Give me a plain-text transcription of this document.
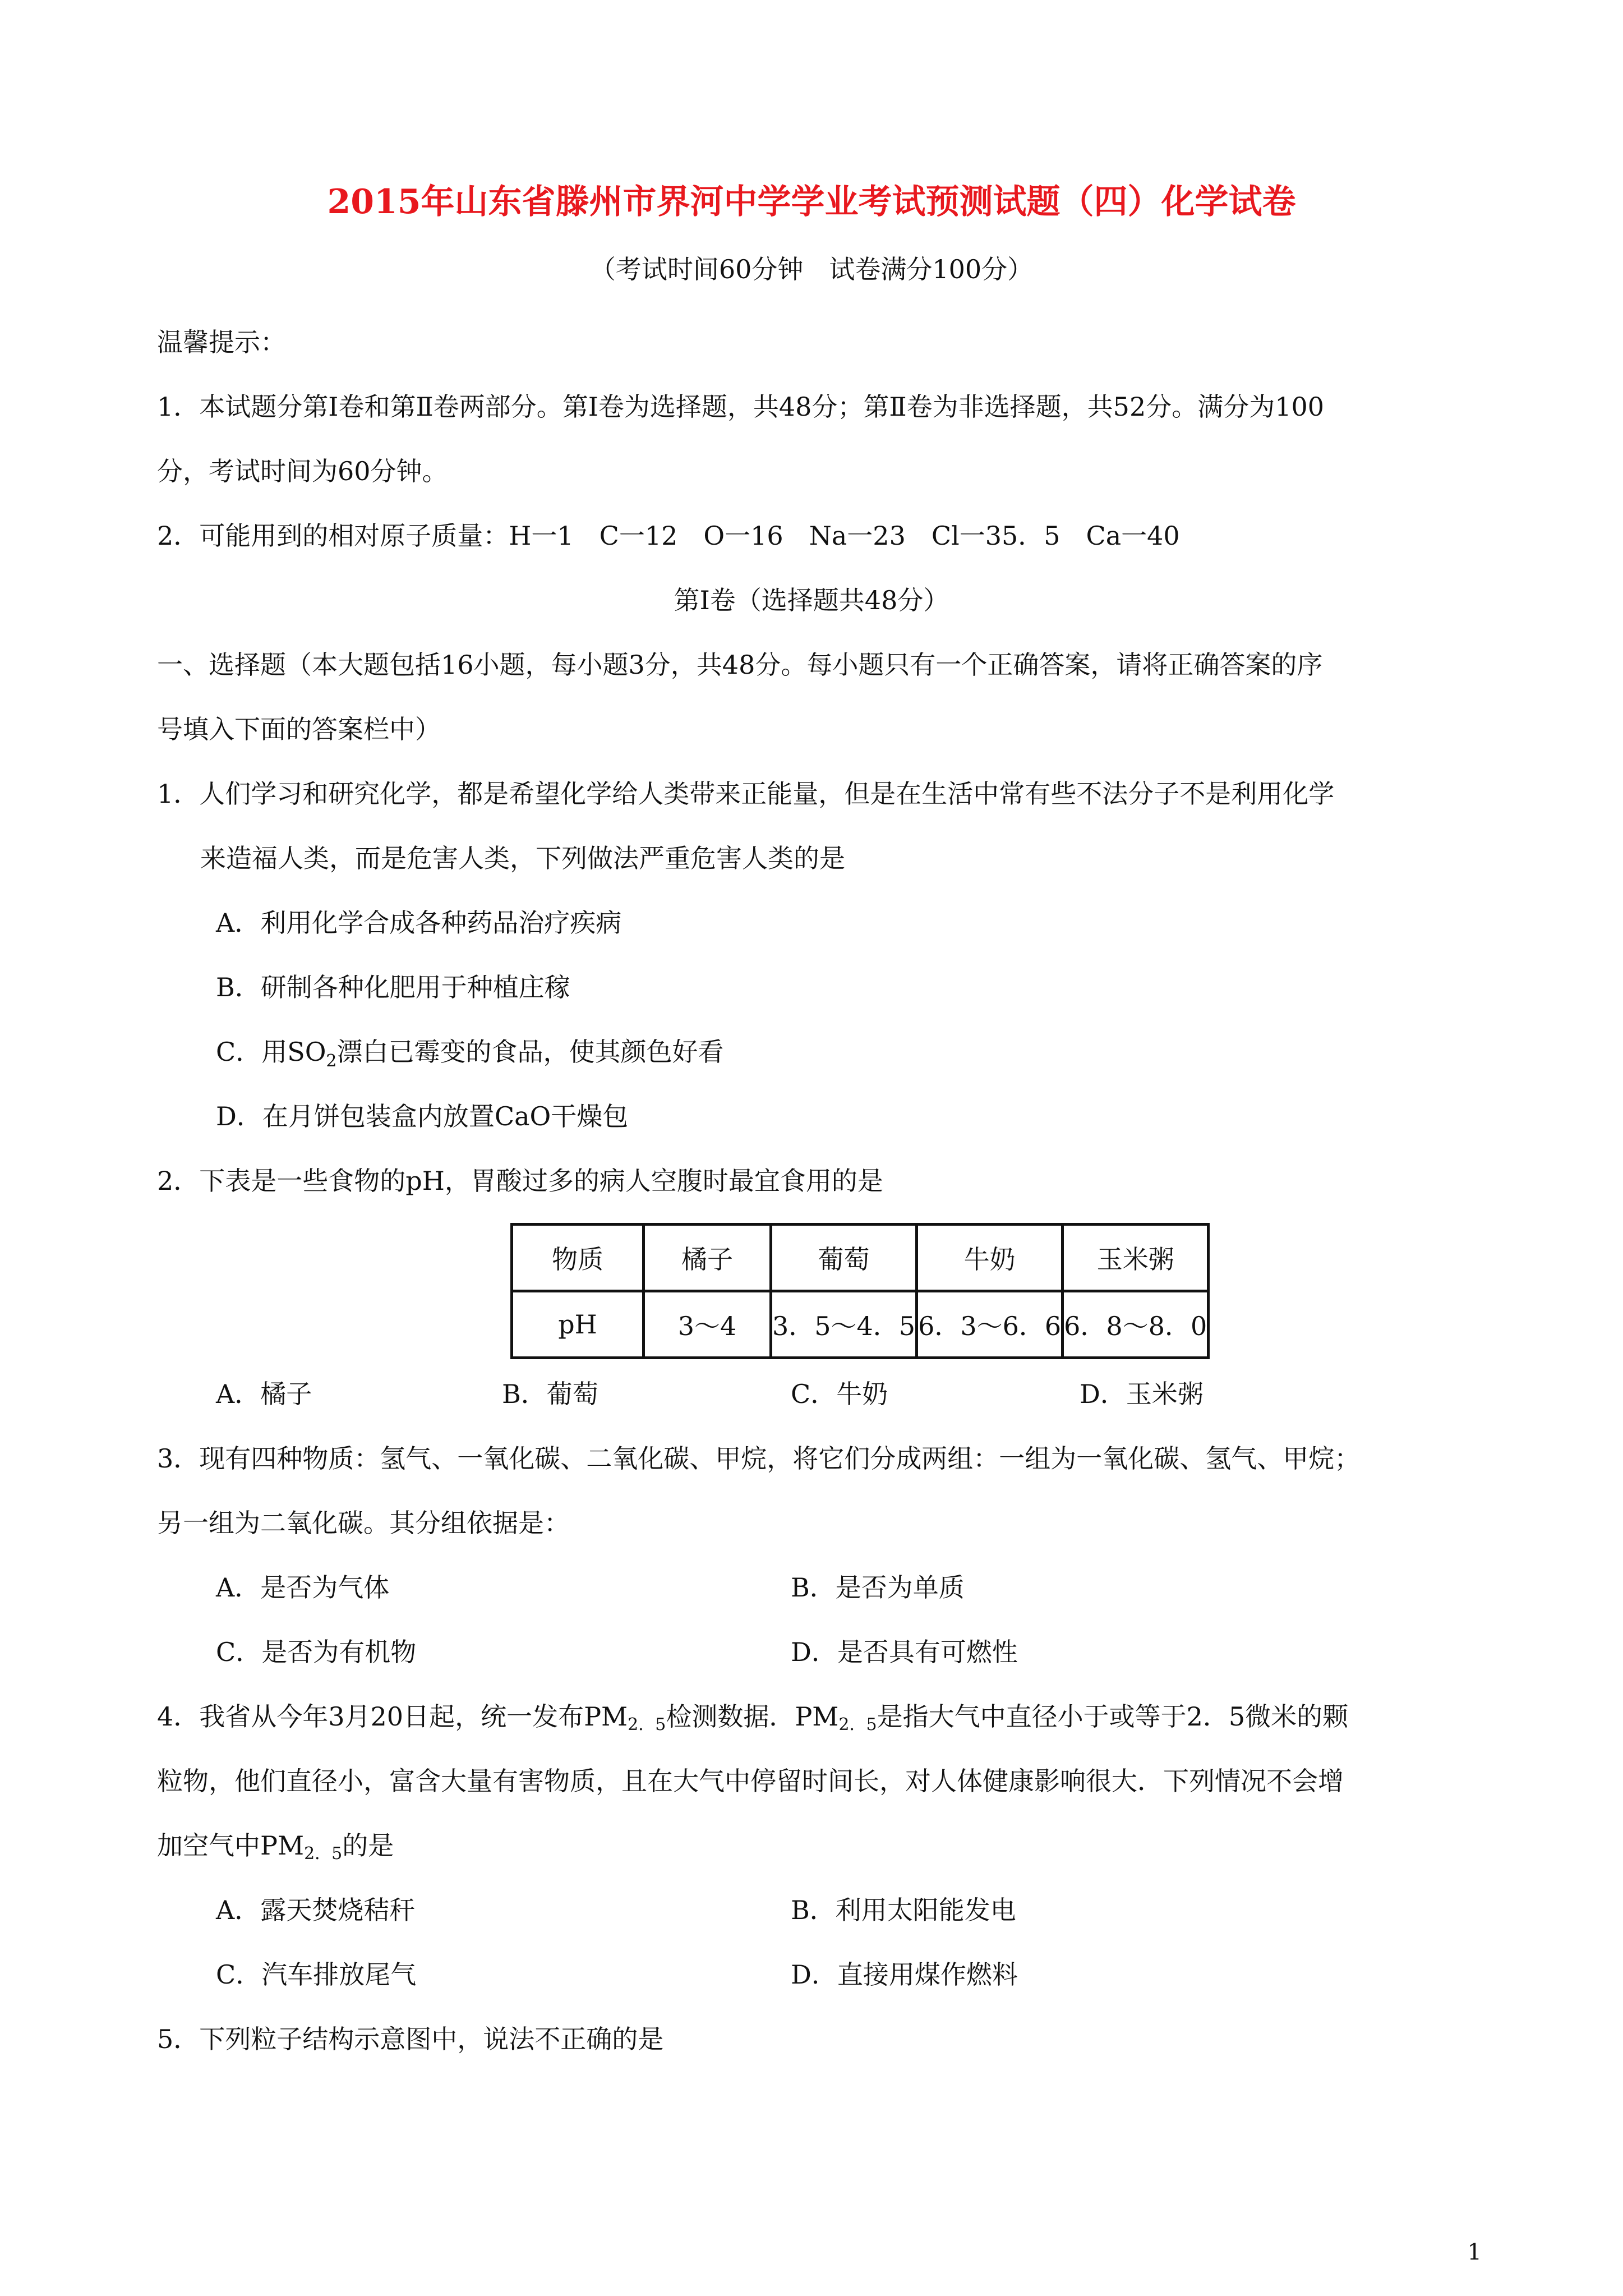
2015年山东省滕州市界河中学学业考试预测试题（四）化学试卷
（考试时间60分钟　试卷满分100分）
温馨提示：
1．本试题分第Ⅰ卷和第Ⅱ卷两部分。第Ⅰ卷为选择题，共48分；第Ⅱ卷为非选择题，共52分。满分为100
分，考试时间为60分钟。
2．可能用到的相对原子质量：H一1　C一12　O一16　Na一23　Cl一35．5　Ca一40
第Ⅰ卷（选择题共48分）
一、选择题（本大题包括16小题，每小题3分，共48分。每小题只有一个正确答案，请将正确答案的序
号填入下面的答案栏中）
1．人们学习和研究化学，都是希望化学给人类带来正能量，但是在生活中常有些不法分子不是利用化学
来造福人类，而是危害人类，下列做法严重危害人类的是
A．利用化学合成各种药品治疗疾病
B．研制各种化肥用于种植庄稼
C．用$SO_2$漂白已霉变的食品，使其颜色好看
D．在月饼包装盒内放置CaO干燥包
2．下表是一些食物的pH，胃酸过多的病人空腹时最宜食用的是
物质	橘子	葡萄	牛奶	玉米粥
pH	3～4	3．5～4．5	6．3～6．6	6．8～8．0
A．橘子	B．葡萄	C．牛奶	D．玉米粥
3．现有四种物质：氢气、一氧化碳、二氧化碳、甲烷，将它们分成两组：一组为一氧化碳、氢气、甲烷；
另一组为二氧化碳。其分组依据是：
A．是否为气体	B．是否为单质
C．是否为有机物	D．是否具有可燃性
4．我省从今年3月20日起，统一发布PM2．5检测数据．PM2．5是指大气中直径小于或等于2．5微米的颗
粒物，他们直径小，富含大量有害物质，且在大气中停留时间长，对人体健康影响很大．下列情况不会增
加空气中PM2．5的是
A．露天焚烧秸秆	B．利用太阳能发电
C．汽车排放尾气	D．直接用煤作燃料
5．下列粒子结构示意图中，说法不正确的是
1
